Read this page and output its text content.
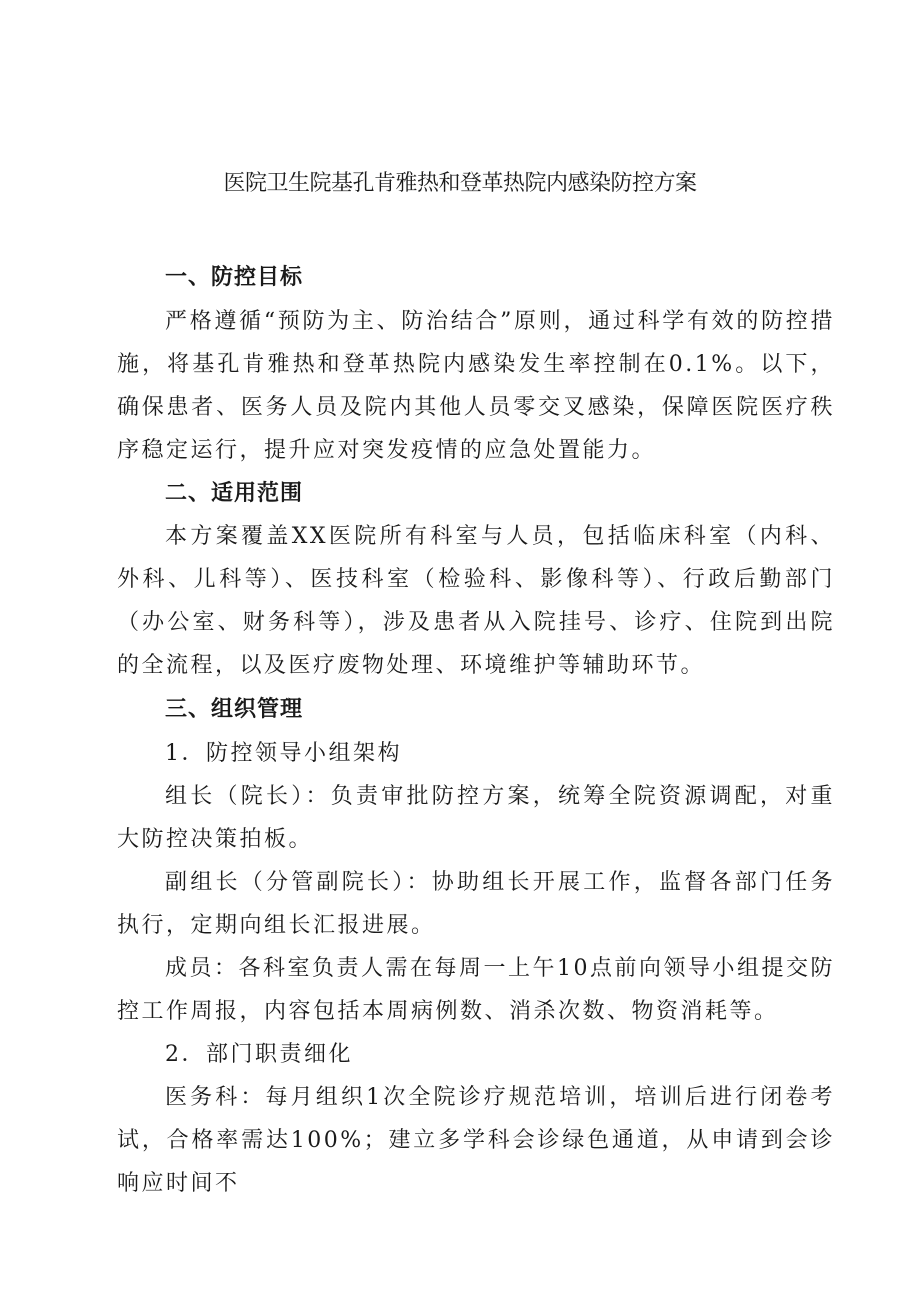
医院卫生院基孔肯雅热和登革热院内感染防控方案
一、防控目标

严格遵循“预防为主、防治结合”原则，通过科学有效的防控措施，将基孔肯雅热和登革热院内感染发生率控制在0.1%。以下，确保患者、医务人员及院内其他人员零交叉感染，保障医院医疗秩序稳定运行，提升应对突发疫情的应急处置能力。

二、适用范围

本方案覆盖XX医院所有科室与人员，包括临床科室（内科、外科、儿科等）、医技科室（检验科、影像科等）、行政后勤部门（办公室、财务科等），涉及患者从入院挂号、诊疗、住院到出院的全流程，以及医疗废物处理、环境维护等辅助环节。

三、组织管理

1．防控领导小组架构

组长（院长）：负责审批防控方案，统筹全院资源调配，对重大防控决策拍板。

副组长（分管副院长）：协助组长开展工作，监督各部门任务执行，定期向组长汇报进展。

成员：各科室负责人需在每周一上午10点前向领导小组提交防控工作周报，内容包括本周病例数、消杀次数、物资消耗等。

2．部门职责细化

医务科：每月组织1次全院诊疗规范培训，培训后进行闭卷考试，合格率需达100%；建立多学科会诊绿色通道，从申请到会诊响应时间不
